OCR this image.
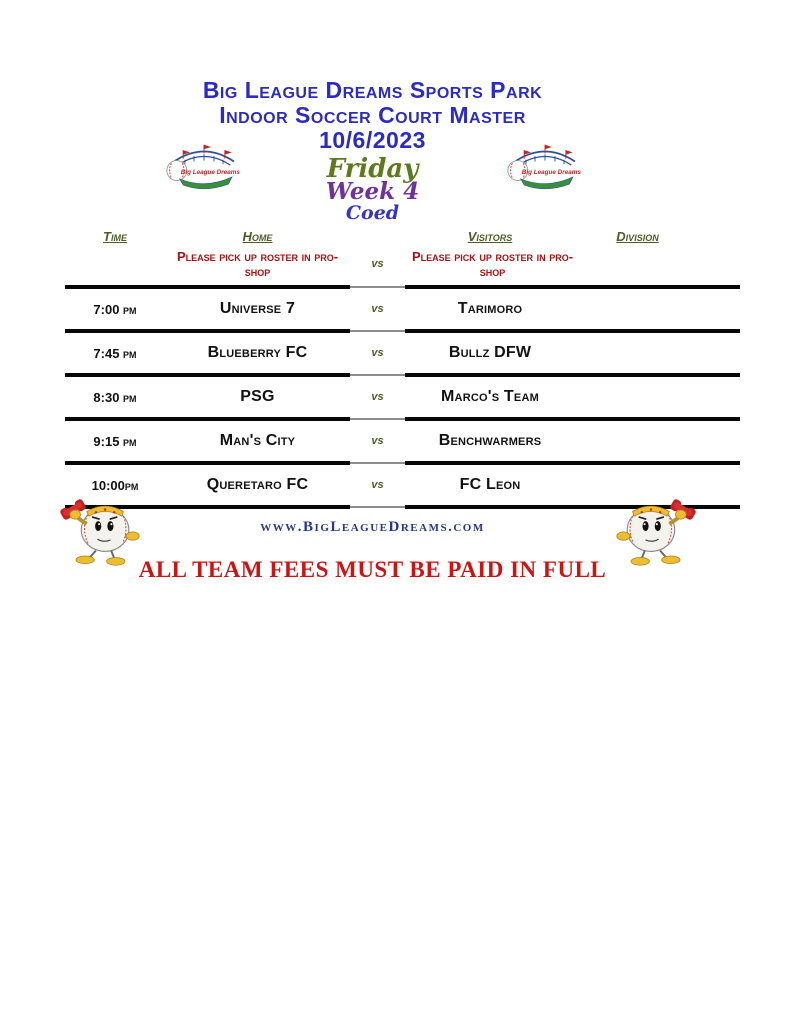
Big League Dreams	Big League Dreams
Big League Dreams Sports Park
Indoor Soccer Court Master
10/6/2023
Friday
Week 4
Coed
Time	Home	Visitors	Division
Please pick up roster in pro-shop	vs	Please pick up roster in pro-shop
7:00 pm	Universe 7	vs	Tarimoro
7:45 pm	Blueberry FC	vs	Bullz DFW
8:30 pm	PSG	vs	Marco's Team
9:15 pm	Man's City	vs	Benchwarmers
10:00pm	Queretaro FC	vs	FC Leon
www.BigLeagueDreams.com
ALL TEAM FEES MUST BE PAID IN FULL
